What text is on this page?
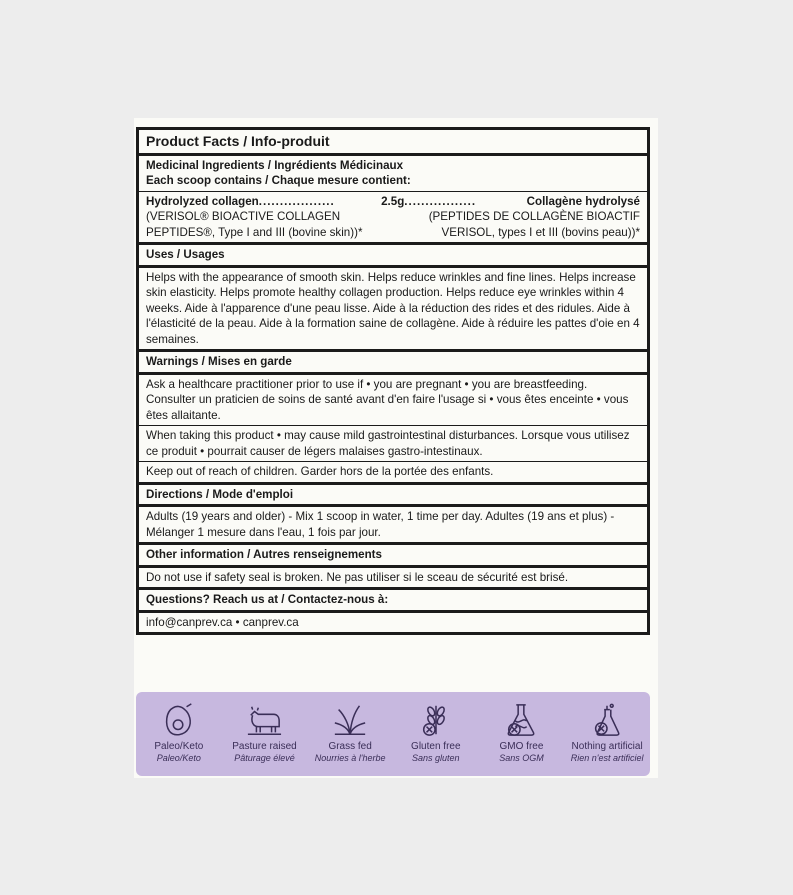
Product Facts / Info-produit
Medicinal Ingredients / Ingrédients Médicinaux
Each scoop contains / Chaque mesure contient:
Hydrolyzed collagen ..................	2.5g .................	Collagène hydrolysé
(VERISOL® BIOACTIVE COLLAGEN	(PEPTIDES DE COLLAGÈNE BIOACTIF
PEPTIDES®, Type I and III (bovine skin))*	VERISOL, types I et III (bovins peau))*
Uses / Usages

Helps with the appearance of smooth skin. Helps reduce wrinkles and fine lines. Helps increase skin elasticity. Helps promote healthy collagen production. Helps reduce eye wrinkles within 4 weeks. Aide à l'apparence d'une peau lisse. Aide à la réduction des rides et des ridules. Aide à l'élasticité de la peau. Aide à la formation saine de collagène. Aide à réduire les pattes d'oie en 4 semaines.

Warnings / Mises en garde

Ask a healthcare practitioner prior to use if • you are pregnant • you are breastfeeding. Consulter un praticien de soins de santé avant d'en faire l'usage si • vous êtes enceinte • vous êtes allaitante.

When taking this product • may cause mild gastrointestinal disturbances. Lorsque vous utilisez ce produit • pourrait causer de légers malaises gastro-intestinaux.

Keep out of reach of children. Garder hors de la portée des enfants.

Directions / Mode d'emploi

Adults (19 years and older) - Mix 1 scoop in water, 1 time per day. Adultes (19 ans et plus) - Mélanger 1 mesure dans l'eau, 1 fois par jour.

Other information / Autres renseignements

Do not use if safety seal is broken. Ne pas utiliser si le sceau de sécurité est brisé.

Questions? Reach us at / Contactez-nous à:

info@canprev.ca • canprev.ca

Paleo/Keto
Paleo/Keto
Pasture raised
Pâturage élevé
Grass fed
Nourries à l'herbe
Gluten free
Sans gluten
GMO free
Sans OGM
Nothing artificial
Rien n'est artificiel
